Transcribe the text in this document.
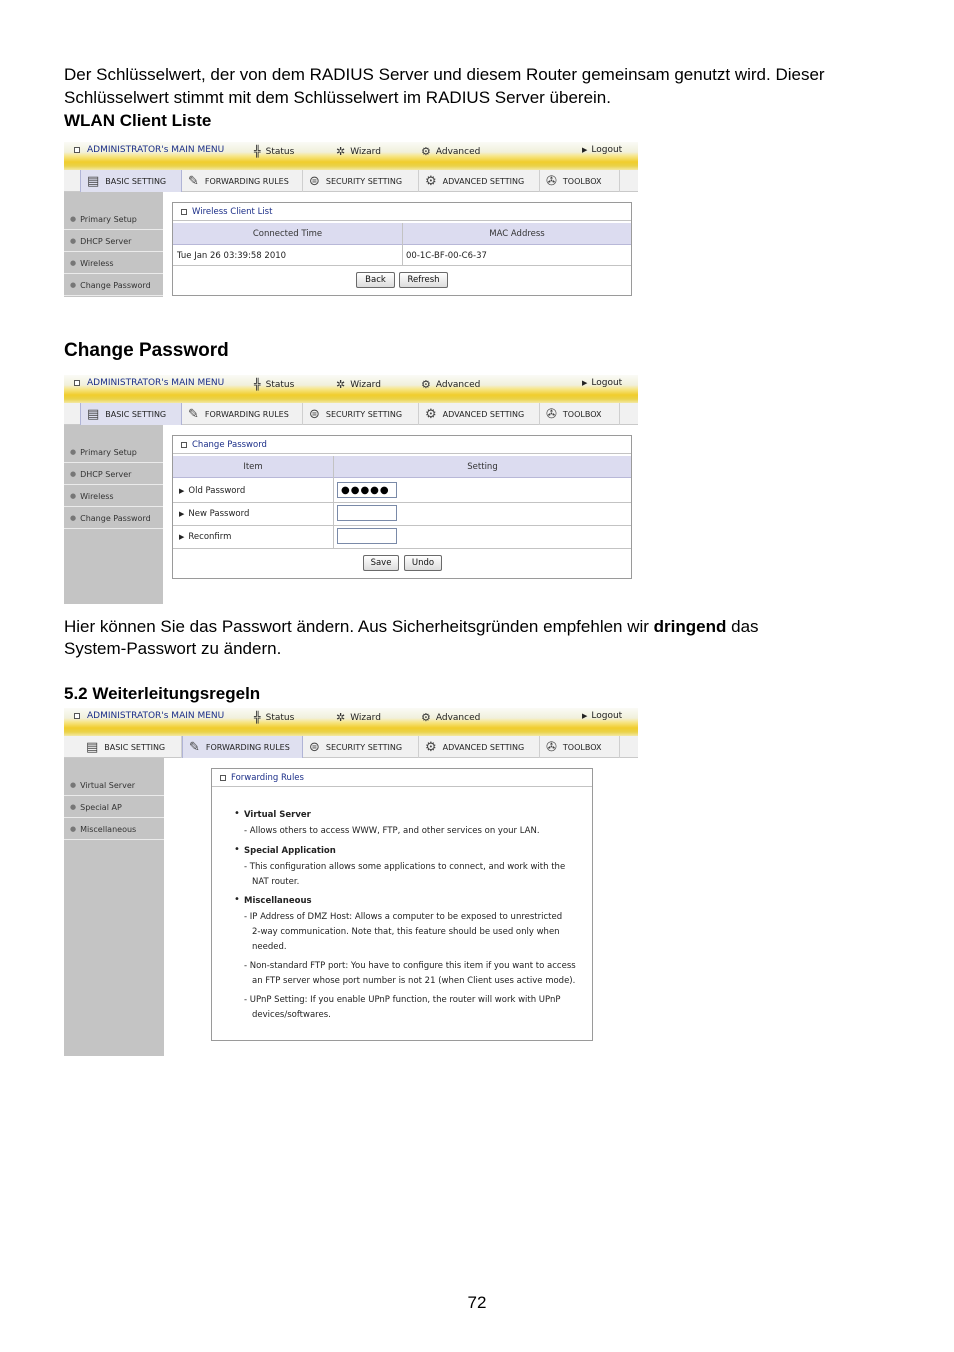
Der Schlüsselwert, der von dem RADIUS Server und diesem Router gemeinsam genutzt wird. Dieser
Schlüsselwert stimmt mit dem Schlüsselwert im RADIUS Server überein.
WLAN Client Liste
ADMINISTRATOR's MAIN MENU	╬ Status	✲ Wizard	⚙ Advanced	▶ Logout
▤ BASIC SETTING ✎ FORWARDING RULES ⊜ SECURITY SETTING ⚙ ADVANCED SETTING ✇ TOOLBOX
● Primary Setup
● DHCP Server
● Wireless
● Change Password
Wireless Client List
Connected Time	MAC Address
Tue Jan 26 03:39:58 2010	00-1C-BF-00-C6-37
Back	Refresh
Change Password
ADMINISTRATOR's MAIN MENU	╬ Status	✲ Wizard	⚙ Advanced	▶ Logout
▤ BASIC SETTING ✎ FORWARDING RULES ⊜ SECURITY SETTING ⚙ ADVANCED SETTING ✇ TOOLBOX
● Primary Setup
● DHCP Server
● Wireless
● Change Password
Change Password
Item	Setting
▶ Old Password	●●●●●
▶ New Password
▶ Reconfirm
Save	Undo
Hier können Sie das Passwort ändern. Aus Sicherheitsgründen empfehlen wir dringend das
System-Passwort zu ändern.
5.2 Weiterleitungsregeln
ADMINISTRATOR's MAIN MENU	╬ Status	✲ Wizard	⚙ Advanced	▶ Logout
▤ BASIC SETTING ✎ FORWARDING RULES ⊜ SECURITY SETTING ⚙ ADVANCED SETTING ✇ TOOLBOX
● Virtual Server
● Special AP
● Miscellaneous
Forwarding Rules
• Virtual Server
- Allows others to access WWW, FTP, and other services on your LAN.
• Special Application
- This configuration allows some applications to connect, and work with the
NAT router.
• Miscellaneous
- IP Address of DMZ Host: Allows a computer to be exposed to unrestricted
2-way communication. Note that, this feature should be used only when
needed.
- Non-standard FTP port: You have to configure this item if you want to access
an FTP server whose port number is not 21 (when Client uses active mode).
- UPnP Setting: If you enable UPnP function, the router will work with UPnP
devices/softwares.
72
